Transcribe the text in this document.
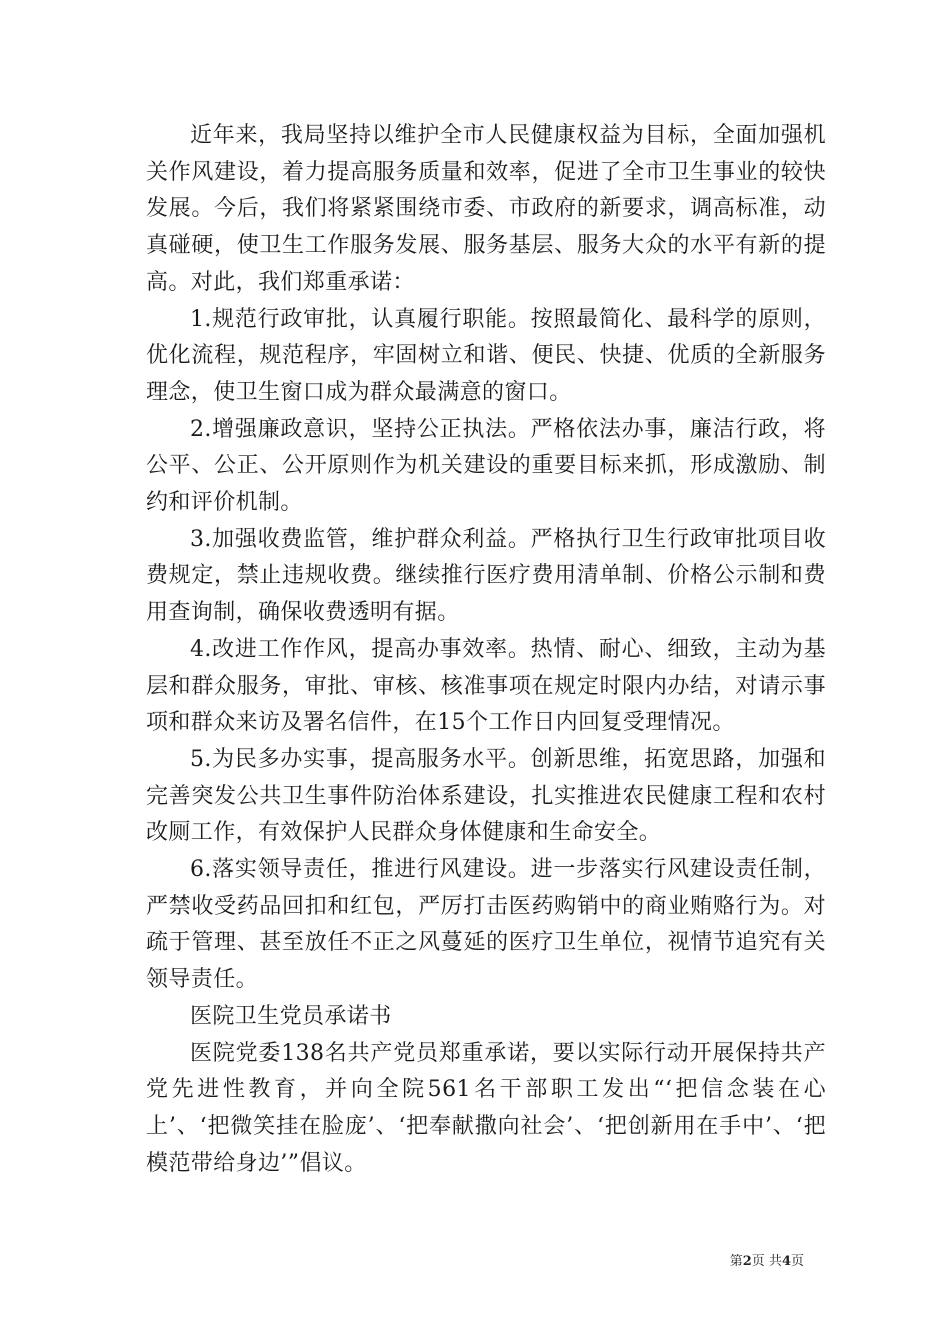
近年来，我局坚持以维护全市人民健康权益为目标，全面加强机关作风建设，着力提高服务质量和效率，促进了全市卫生事业的较快发展。今后，我们将紧紧围绕市委、市政府的新要求，调高标准，动真碰硬，使卫生工作服务发展、服务基层、服务大众的水平有新的提高。对此，我们郑重承诺：

1.规范行政审批，认真履行职能。按照最简化、最科学的原则，优化流程，规范程序，牢固树立和谐、便民、快捷、优质的全新服务理念，使卫生窗口成为群众最满意的窗口。

2.增强廉政意识，坚持公正执法。严格依法办事，廉洁行政，将公平、公正、公开原则作为机关建设的重要目标来抓，形成激励、制约和评价机制。

3.加强收费监管，维护群众利益。严格执行卫生行政审批项目收费规定，禁止违规收费。继续推行医疗费用清单制、价格公示制和费用查询制，确保收费透明有据。

4.改进工作作风，提高办事效率。热情、耐心、细致，主动为基层和群众服务，审批、审核、核准事项在规定时限内办结，对请示事项和群众来访及署名信件，在15个工作日内回复受理情况。

5.为民多办实事，提高服务水平。创新思维，拓宽思路，加强和完善突发公共卫生事件防治体系建设，扎实推进农民健康工程和农村改厕工作，有效保护人民群众身体健康和生命安全。

6.落实领导责任，推进行风建设。进一步落实行风建设责任制，严禁收受药品回扣和红包，严厉打击医药购销中的商业贿赂行为。对疏于管理、甚至放任不正之风蔓延的医疗卫生单位，视情节追究有关领导责任。

医院卫生党员承诺书

医院党委138名共产党员郑重承诺，要以实际行动开展保持共产党先进性教育，并向全院561名干部职工发出“‘把信念装在心上’、‘把微笑挂在脸庞’、‘把奉献撒向社会’、‘把创新用在手中’、‘把模范带给身边’”倡议。

第2页 共4页
